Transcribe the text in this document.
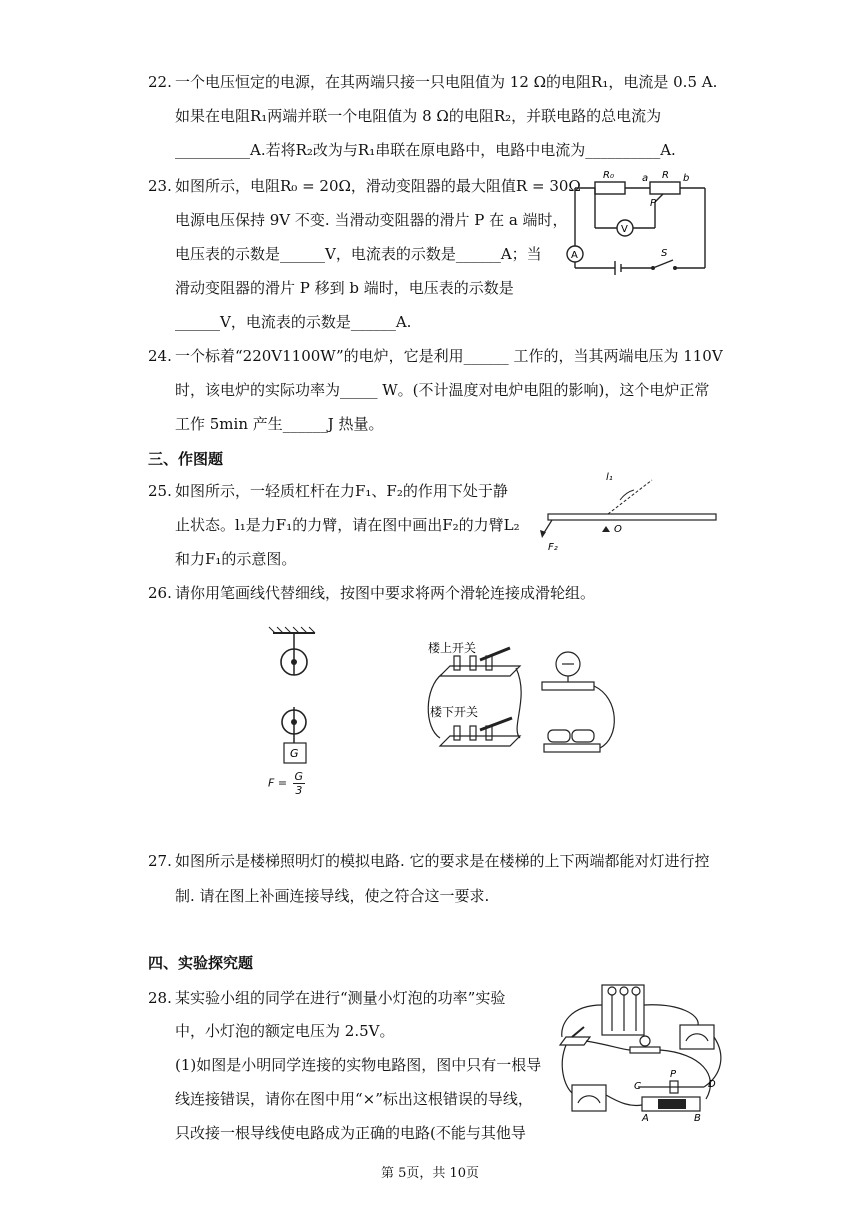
22. 一个电压恒定的电源，在其两端只接一只电阻值为 12 Ω的电阻R₁，电流是 0.5 A.
如果在电阻R₁两端并联一个电阻值为 8 Ω的电阻R₂，并联电路的总电流为
__________A.若将R₂改为与R₁串联在原电路中，电路中电流为__________A.
23. 如图所示，电阻R₀ = 20Ω，滑动变阻器的最大阻值R = 30Ω
电源电压保持 9V 不变. 当滑动变阻器的滑片 P 在 a 端时，
电压表的示数是______V，电流表的示数是______A；当
滑动变阻器的滑片 P 移到 b 端时，电压表的示数是
______V，电流表的示数是______A.
R₀	a R b
P
V
A	S
24. 一个标着“220V1100W”的电炉，它是利用______ 工作的，当其两端电压为 110V
时，该电炉的实际功率为_____ W。(不计温度对电炉电阻的影响)，这个电炉正常
工作 5min 产生______J 热量。
三、作图题
25. 如图所示，一轻质杠杆在力F₁、F₂的作用下处于静
止状态。l₁是力F₁的力臂，请在图中画出F₂的力臂L₂
和力F₁的示意图。
l₁
O
F₂
26. 请你用笔画线代替细线，按图中要求将两个滑轮连接成滑轮组。
G
$F = \frac{G}{3}$
楼上开关
楼下开关
27. 如图所示是楼梯照明灯的模拟电路. 它的要求是在楼梯的上下两端都能对灯进行控
制. 请在图上补画连接导线，使之符合这一要求.
四、实验探究题
28. 某实验小组的同学在进行“测量小灯泡的功率”实验
中，小灯泡的额定电压为 2.5V。
(1)如图是小明同学连接的实物电路图，图中只有一根导
线连接错误，请你在图中用“×”标出这根错误的导线，
只改接一根导线使电路成为正确的电路(不能与其他导
C
P
D
A	B
第 5页，共 10页
